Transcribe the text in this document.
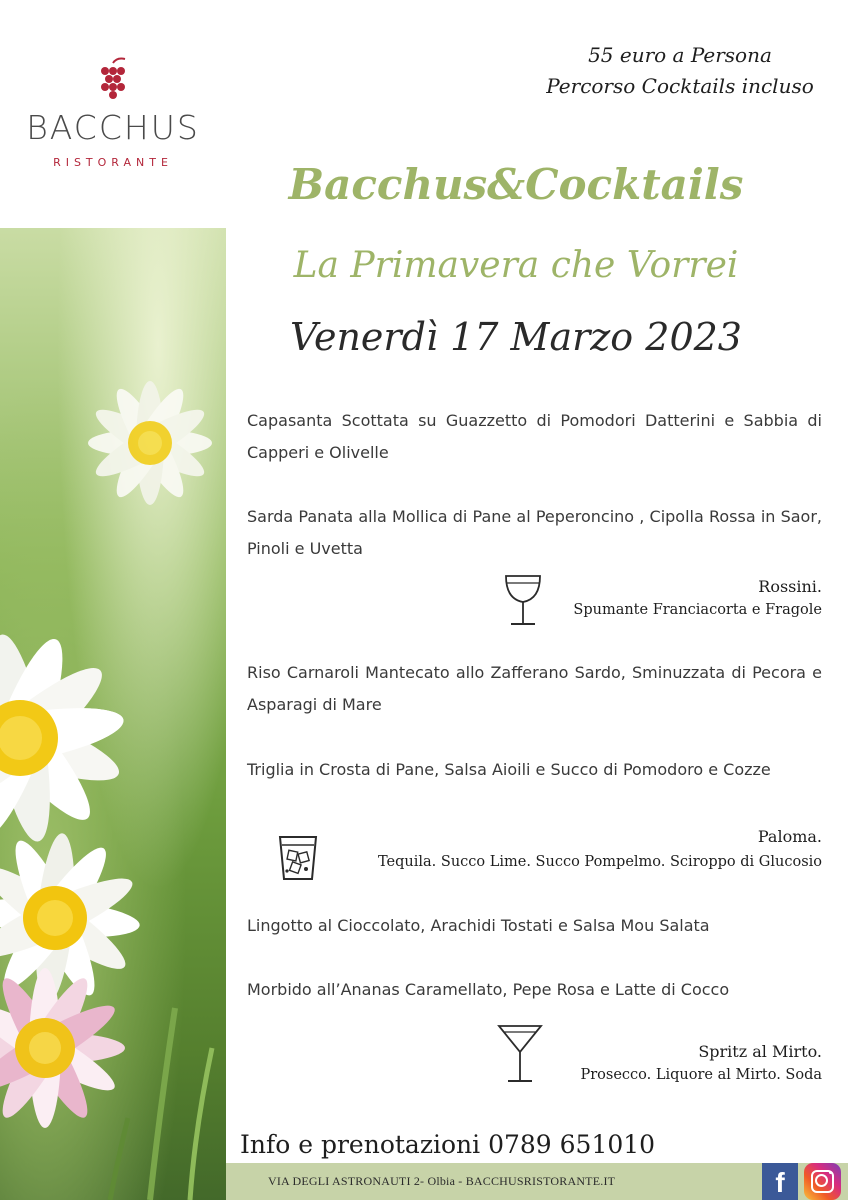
BACCHUS
RISTORANTE
55 euro a Persona
Percorso Cocktails incluso
Bacchus&Cocktails
La Primavera che Vorrei
Venerdì 17 Marzo 2023
Capasanta Scottata su Guazzetto di Pomodori Datterini e Sabbia di Capperi e Olivelle
Sarda Panata alla Mollica di Pane al Peperoncino , Cipolla Rossa in Saor, Pinoli e Uvetta
Rossini.
Spumante Franciacorta e Fragole
Riso Carnaroli Mantecato allo Zafferano Sardo, Sminuzzata di Pecora e Asparagi di Mare
Triglia in Crosta di Pane, Salsa Aioili e Succo di Pomodoro e Cozze
Paloma.
Tequila. Succo Lime. Succo Pompelmo. Sciroppo di Glucosio
Lingotto al Cioccolato, Arachidi Tostati e Salsa Mou Salata
Morbido all’Ananas Caramellato, Pepe Rosa e Latte di Cocco
Spritz al Mirto.
Prosecco. Liquore al Mirto. Soda
Info e prenotazioni 0789 651010
VIA DEGLI ASTRONAUTI 2- Olbia - BACCHUSRISTORANTE.IT	f
